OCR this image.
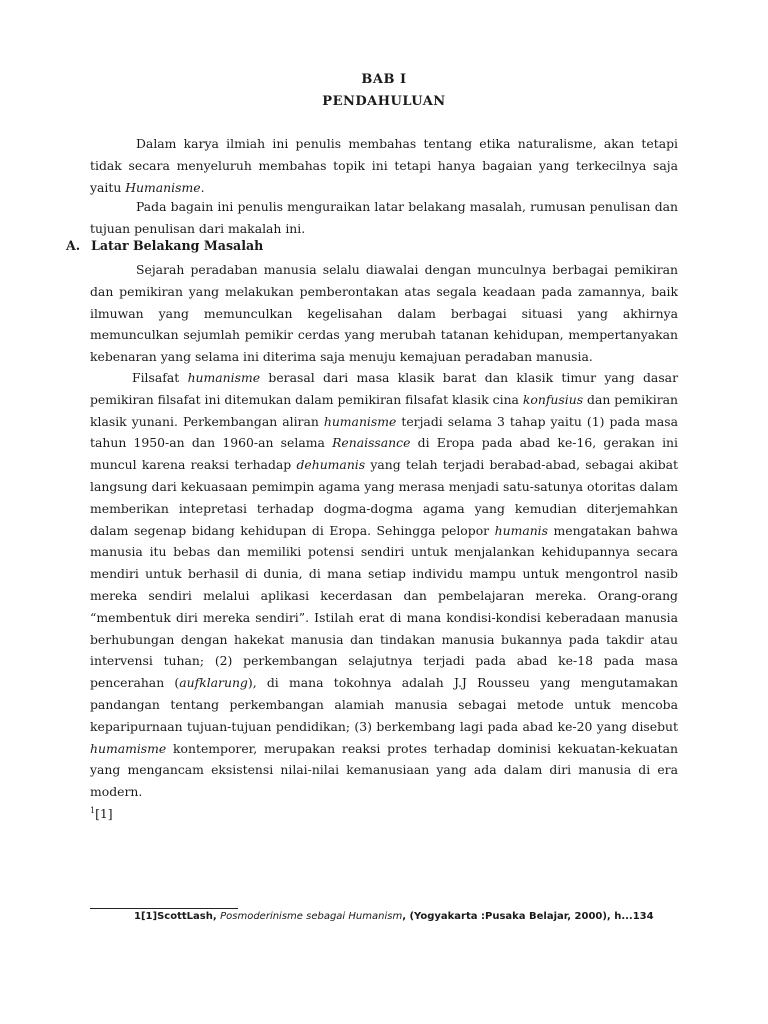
BAB I
PENDAHULUAN
Dalam karya ilmiah ini penulis membahas tentang etika naturalisme, akan tetapi tidak secara menyeluruh membahas topik ini tetapi hanya bagaian yang terkecilnya saja yaitu Humanisme.
Pada bagain ini penulis menguraikan latar belakang masalah, rumusan penulisan dan tujuan penulisan dari makalah ini.
A. Latar Belakang Masalah
Sejarah peradaban manusia selalu diawalai dengan munculnya berbagai pemikiran dan pemikiran yang melakukan pemberontakan atas segala keadaan pada zamannya, baik ilmuwan yang memunculkan kegelisahan dalam berbagai situasi yang akhirnya memunculkan sejumlah pemikir cerdas yang merubah tatanan kehidupan, mempertanyakan kebenaran yang selama ini diterima saja menuju kemajuan peradaban manusia.
Filsafat humanisme berasal dari masa klasik barat dan klasik timur yang dasar pemikiran filsafat ini ditemukan dalam pemikiran filsafat klasik cina konfusius dan pemikiran klasik yunani. Perkembangan aliran humanisme terjadi selama 3 tahap yaitu (1) pada masa tahun 1950-an dan 1960-an selama Renaissance di Eropa pada abad ke-16, gerakan ini muncul karena reaksi terhadap dehumanis yang telah terjadi berabad-abad, sebagai akibat langsung dari kekuasaan pemimpin agama yang merasa menjadi satu-satunya otoritas dalam memberikan intepretasi terhadap dogma-dogma agama yang kemudian diterjemahkan dalam segenap bidang kehidupan di Eropa. Sehingga pelopor humanis mengatakan bahwa manusia itu bebas dan memiliki potensi sendiri untuk menjalankan kehidupannya secara mendiri untuk berhasil di dunia, di mana setiap individu mampu untuk mengontrol nasib mereka sendiri melalui aplikasi kecerdasan dan pembelajaran mereka. Orang-orang “membentuk diri mereka sendiri”. Istilah erat di mana kondisi-kondisi keberadaan manusia berhubungan dengan hakekat manusia dan tindakan manusia bukannya pada takdir atau intervensi tuhan; (2) perkembangan selajutnya terjadi pada abad ke-18 pada masa pencerahan (aufklarung), di mana tokohnya adalah J.J Rousseu yang mengutamakan pandangan tentang perkembangan alamiah manusia sebagai metode untuk mencoba keparipurnaan tujuan-tujuan pendidikan; (3) berkembang lagi pada abad ke-20 yang disebut humamisme kontemporer, merupakan reaksi protes terhadap dominisi kekuatan-kekuatan yang mengancam eksistensi nilai-nilai kemanusiaan yang ada dalam diri manusia di era modern.
$^1$[1]
1[1]ScottLash, Posmoderinisme sebagai Humanism, (Yogyakarta :Pusaka Belajar, 2000), h...134
